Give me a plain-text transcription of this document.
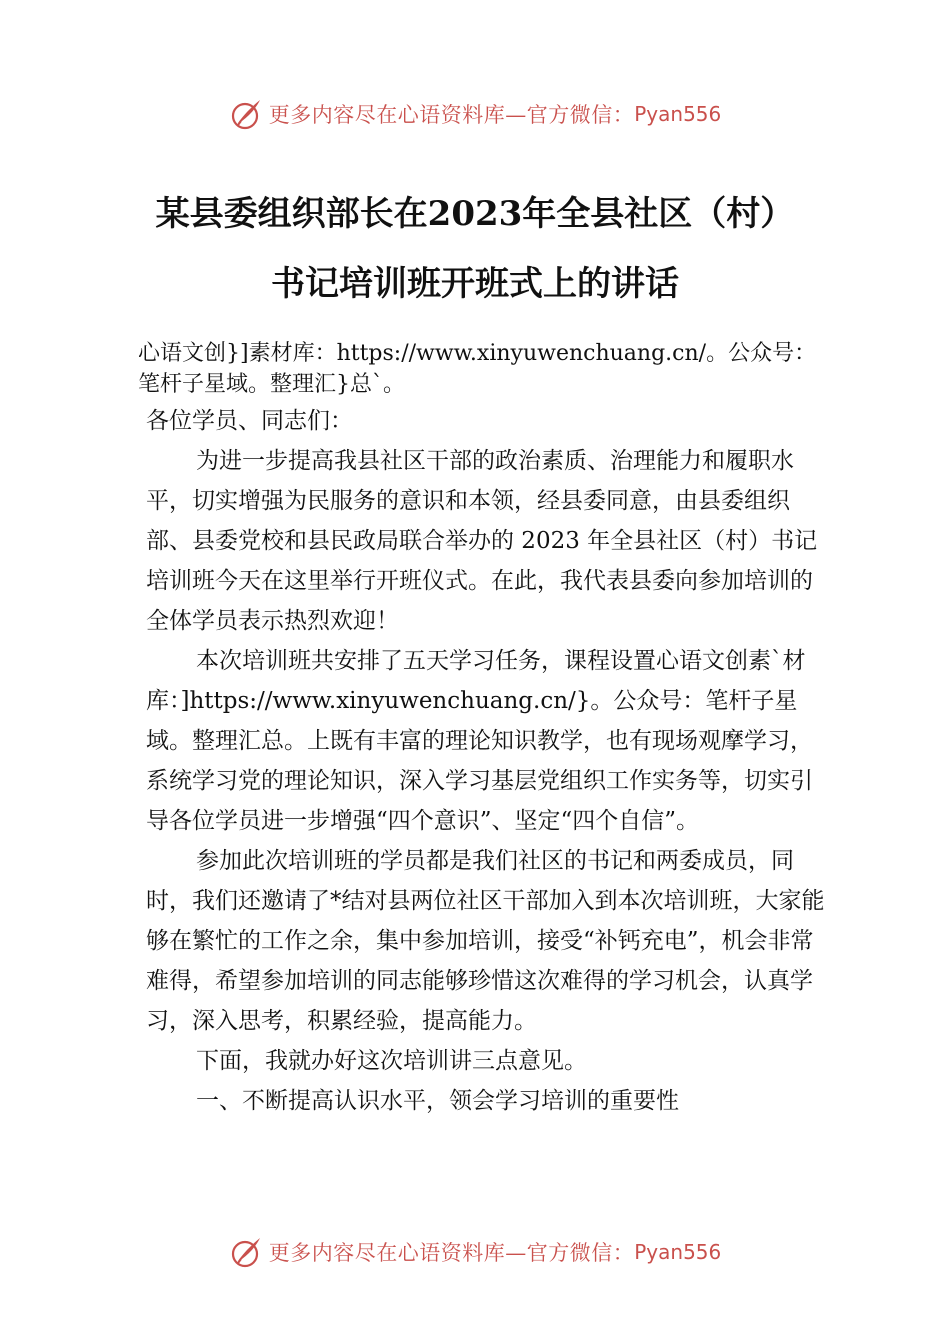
更多内容尽在心语资料库—官方微信： Pyan556
某县委组织部长在2023年全县社区（村）
书记培训班开班式上的讲话

心语文创}]素材库：https://www.xinyuwenchuang.cn/。公众号：笔杆子星域。整理汇}总`。

各位学员、同志们：

为进一步提高我县社区干部的政治素质、治理能力和履职水平，切实增强为民服务的意识和本领，经县委同意，由县委组织部、县委党校和县民政局联合举办的 2023 年全县社区（村）书记培训班今天在这里举行开班仪式。在此，我代表县委向参加培训的全体学员表示热烈欢迎！

本次培训班共安排了五天学习任务，课程设置心语文创素`材库：]https://www.xinyuwenchuang.cn/}。公众号：笔杆子星域。整理汇总。上既有丰富的理论知识教学，也有现场观摩学习，系统学习党的理论知识，深入学习基层党组织工作实务等，切实引导各位学员进一步增强“四个意识”、坚定“四个自信”。

参加此次培训班的学员都是我们社区的书记和两委成员，同时，我们还邀请了*结对县两位社区干部加入到本次培训班，大家能够在繁忙的工作之余，集中参加培训，接受“补钙充电”，机会非常难得，希望参加培训的同志能够珍惜这次难得的学习机会，认真学习，深入思考，积累经验，提高能力。

下面，我就办好这次培训讲三点意见。

一、不断提高认识水平，领会学习培训的重要性

更多内容尽在心语资料库—官方微信： Pyan556
